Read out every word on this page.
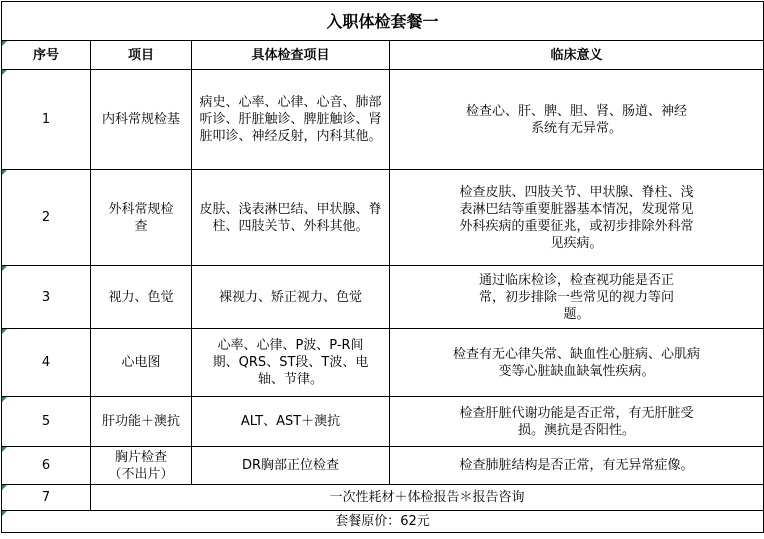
入职体检套餐一			
序号	项目	具体检查项目	临床意义
1	内科常规检基	病史、心率、心律、心音、肺部听诊、肝脏触诊、脾脏触诊、肾脏叩诊、神经反射，内科其他。	检查心、肝、脾、胆、肾、肠道、神经系统有无异常。
2	外科常规检查	皮肤、浅表淋巴结、甲状腺、脊柱、四肢关节、外科其他。	检查皮肤、四肢关节、甲状腺、脊柱、浅表淋巴结等重要脏器基本情况，发现常见外科疾病的重要征兆，或初步排除外科常见疾病。
3	视力、色觉	裸视力、矫正视力、色觉	通过临床检诊，检查视功能是否正常，初步排除一些常见的视力等问题。
4	心电图	心率、心律、P波、P-R间期、QRS、ST段、T波、电轴、节律。	检查有无心律失常、缺血性心脏病、心肌病变等心脏缺血缺氧性疾病。
5	肝功能＋澳抗	ALT、AST＋澳抗	检查肝脏代谢功能是否正常，有无肝脏受损。澳抗是否阳性。
6	胸片检查（不出片）	DR胸部正位检查	检查肺脏结构是否正常，有无异常症像。
7	一次性耗材＋体检报告＊报告咨询		
套餐原价：62元			
